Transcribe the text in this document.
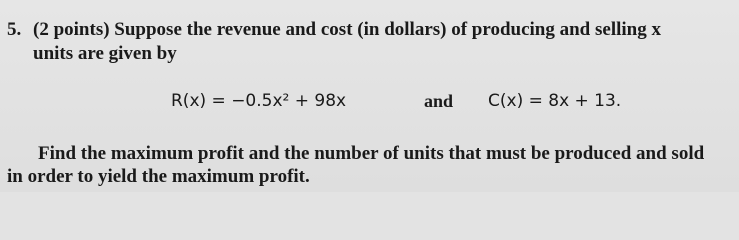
5. (2 points) Suppose the revenue and cost (in dollars) of producing and selling x
units are given by
R(x) = −0.5x² + 98x	and C(x) = 8x + 13.
Find the maximum profit and the number of units that must be produced and sold
in order to yield the maximum profit.
